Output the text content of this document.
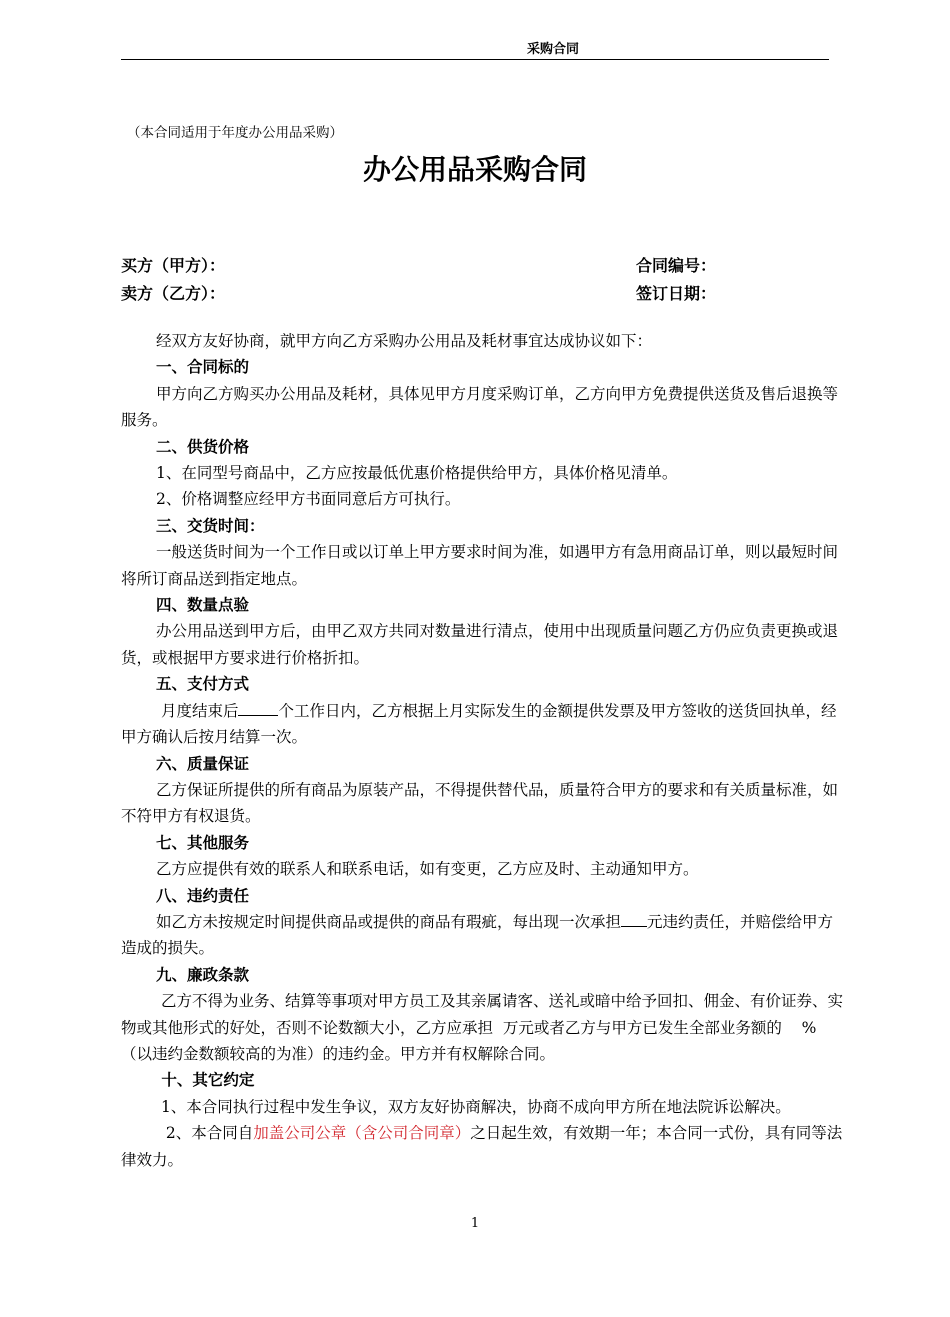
采购合同
（本合同适用于年度办公用品采购）
办公用品采购合同
买方（甲方）：
卖方（乙方）：
合同编号：
签订日期：

经双方友好协商，就甲方向乙方采购办公用品及耗材事宜达成协议如下：

一、合同标的

甲方向乙方购买办公用品及耗材，具体见甲方月度采购订单，乙方向甲方免费提供送货及售后退换等服务。

二、供货价格

1、在同型号商品中，乙方应按最低优惠价格提供给甲方，具体价格见清单。

2、价格调整应经甲方书面同意后方可执行。

三、交货时间：

一般送货时间为一个工作日或以订单上甲方要求时间为准，如遇甲方有急用商品订单，则以最短时间将所订商品送到指定地点。

四、数量点验

办公用品送到甲方后，由甲乙双方共同对数量进行清点，使用中出现质量问题乙方仍应负责更换或退货，或根据甲方要求进行价格折扣。

五、支付方式

月度结束后	个工作日内，乙方根据上月实际发生的金额提供发票及甲方签收的送货回执单，经甲方确认后按月结算一次。

六、质量保证

乙方保证所提供的所有商品为原装产品，不得提供替代品，质量符合甲方的要求和有关质量标准，如不符甲方有权退货。

七、其他服务

乙方应提供有效的联系人和联系电话，如有变更，乙方应及时、主动通知甲方。

八、违约责任

如乙方未按规定时间提供商品或提供的商品有瑕疵，每出现一次承担 元违约责任，并赔偿给甲方造成的损失。

九、廉政条款

乙方不得为业务、结算等事项对甲方员工及其亲属请客、送礼或暗中给予回扣、佣金、有价证券、实物或其他形式的好处，否则不论数额大小，乙方应承担  万元或者乙方与甲方已发生全部业务额的    %（以违约金数额较高的为准）的违约金。甲方并有权解除合同。

十、其它约定

1、本合同执行过程中发生争议，双方友好协商解决，协商不成向甲方所在地法院诉讼解决。

2、本合同自加盖公司公章（含公司合同章）之日起生效，有效期一年；本合同一式份，具有同等法律效力。

1
